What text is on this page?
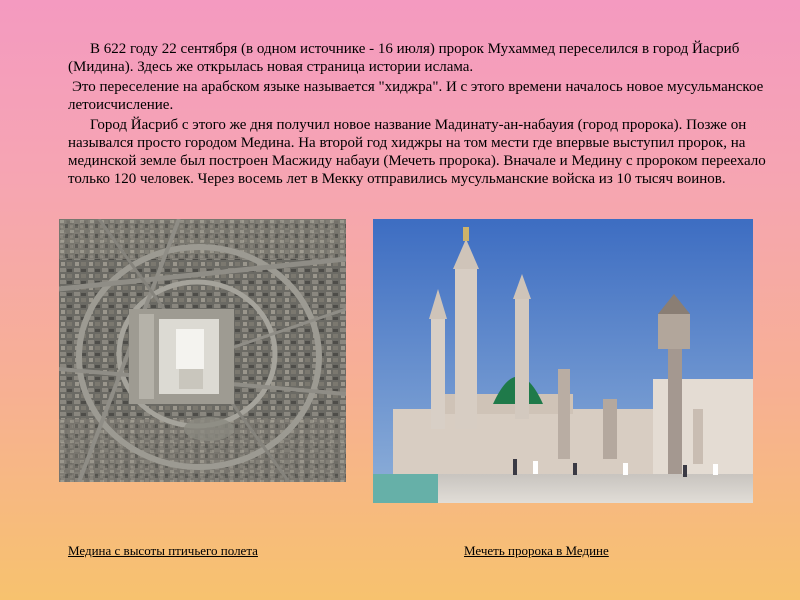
В 622 году 22 сентября (в одном источнике - 16 июля) пророк Мухаммед переселился в город Йасриб (Мидина). Здесь же открылась новая страница истории ислама.

Это переселение на арабском языке называется "хиджра". И с этого времени началось новое мусульманское летоисчисление.

Город Йасриб с этого же дня получил новое название Мадинату-ан-набауия (город пророка). Позже он назывался просто городом Медина. На второй год хиджры на том мести где впервые выступил пророк, на мединской земле был построен Масжиду набауи (Мечеть пророка). Вначале и Медину с пророком переехало только 120 человек. Через восемь лет в Мекку отправились мусульманские войска из 10 тысяч воинов.

Медина с высоты птичьего полета	Мечеть пророка в Медине
